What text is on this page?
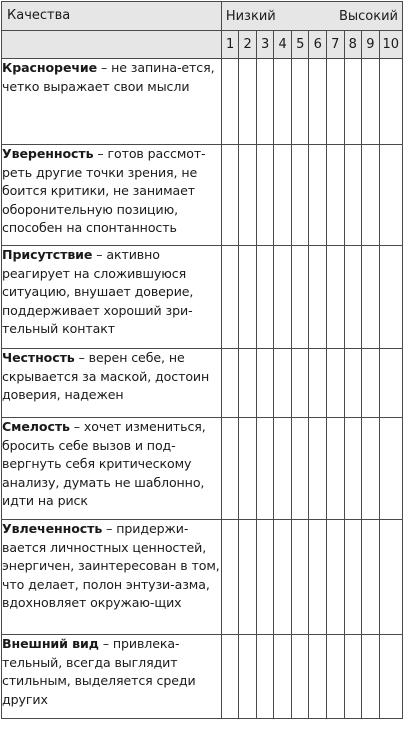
Качества	Низкий Высокий									

	1	2	3	4	5	6	7	8	9	10

Красноречие – не запина-ется, четко выражает свои мысли										
Уверенность – готов рассмот-реть другие точки зрения, не боится критики, не занимает оборонительную позицию, способен на спонтанность										
Присутствие – активно реагирует на сложившуюся ситуацию, внушает доверие, поддерживает хороший зри-тельный контакт										
Честность – верен себе, не скрывается за маской, достоин доверия, надежен										
Смелость – хочет измениться, бросить себе вызов и под-вергнуть себя критическому анализу, думать не шаблонно, идти на риск										
Увлеченность – придержи-вается личностных ценностей, энергичен, заинтересован в том, что делает, полон энтузи-азма, вдохновляет окружаю-щих										
Внешний вид – привлека-тельный, всегда выглядит стильным, выделяется среди других										
